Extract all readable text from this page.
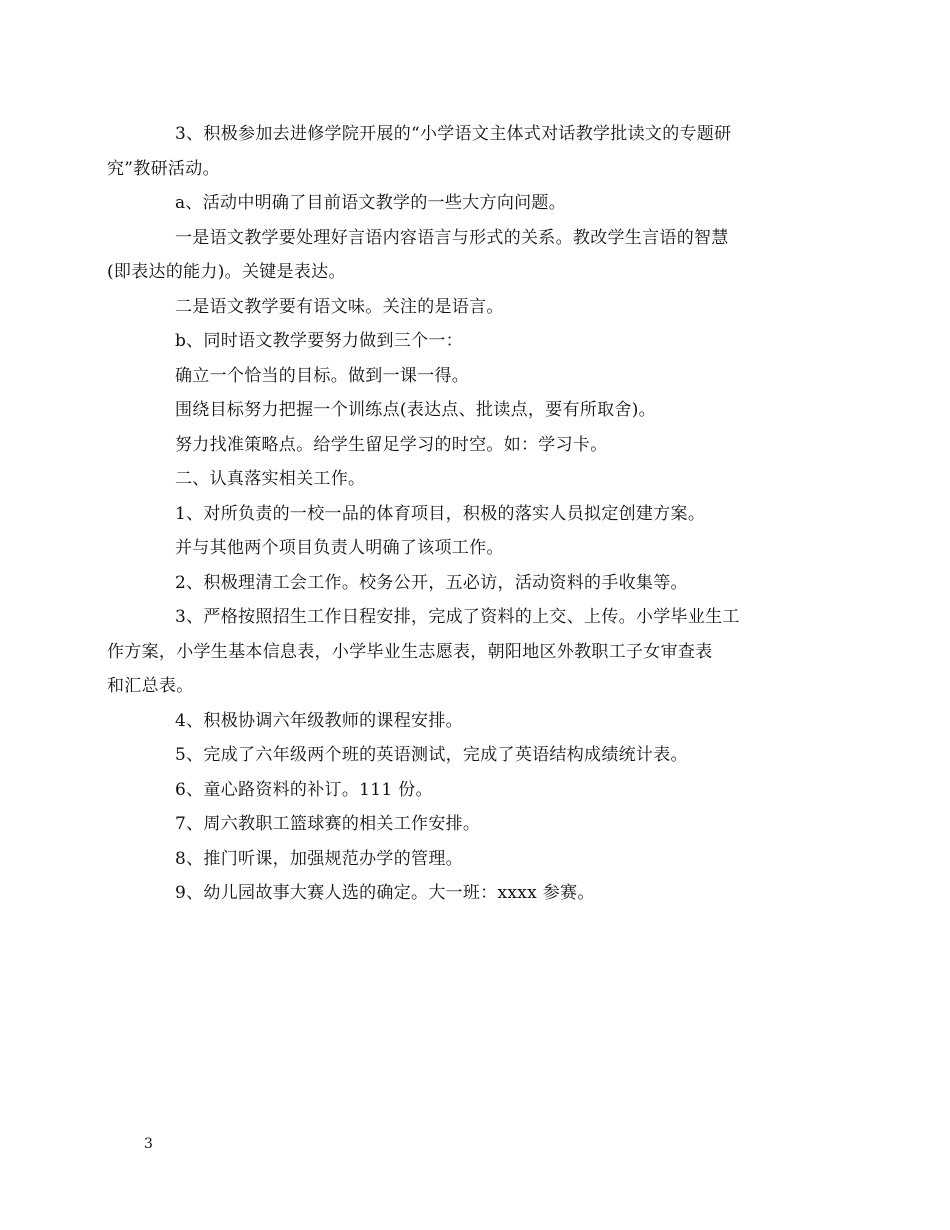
3、积极参加去进修学院开展的“小学语文主体式对话教学批读文的专题研
究”教研活动。

a、活动中明确了目前语文教学的一些大方向问题。

一是语文教学要处理好言语内容语言与形式的关系。教改学生言语的智慧
(即表达的能力)。关键是表达。

二是语文教学要有语文味。关注的是语言。

b、同时语文教学要努力做到三个一：

确立一个恰当的目标。做到一课一得。

围绕目标努力把握一个训练点(表达点、批读点，要有所取舍)。

努力找准策略点。给学生留足学习的时空。如：学习卡。

二、认真落实相关工作。

1、对所负责的一校一品的体育项目，积极的落实人员拟定创建方案。

并与其他两个项目负责人明确了该项工作。

2、积极理清工会工作。校务公开，五必访，活动资料的手收集等。

3、严格按照招生工作日程安排，完成了资料的上交、上传。小学毕业生工
作方案，小学生基本信息表，小学毕业生志愿表，朝阳地区外教职工子女审查表
和汇总表。

4、积极协调六年级教师的课程安排。

5、完成了六年级两个班的英语测试，完成了英语结构成绩统计表。

6、童心路资料的补订。111 份。

7、周六教职工篮球赛的相关工作安排。

8、推门听课，加强规范办学的管理。

9、幼儿园故事大赛人选的确定。大一班：xxxx 参赛。

3
